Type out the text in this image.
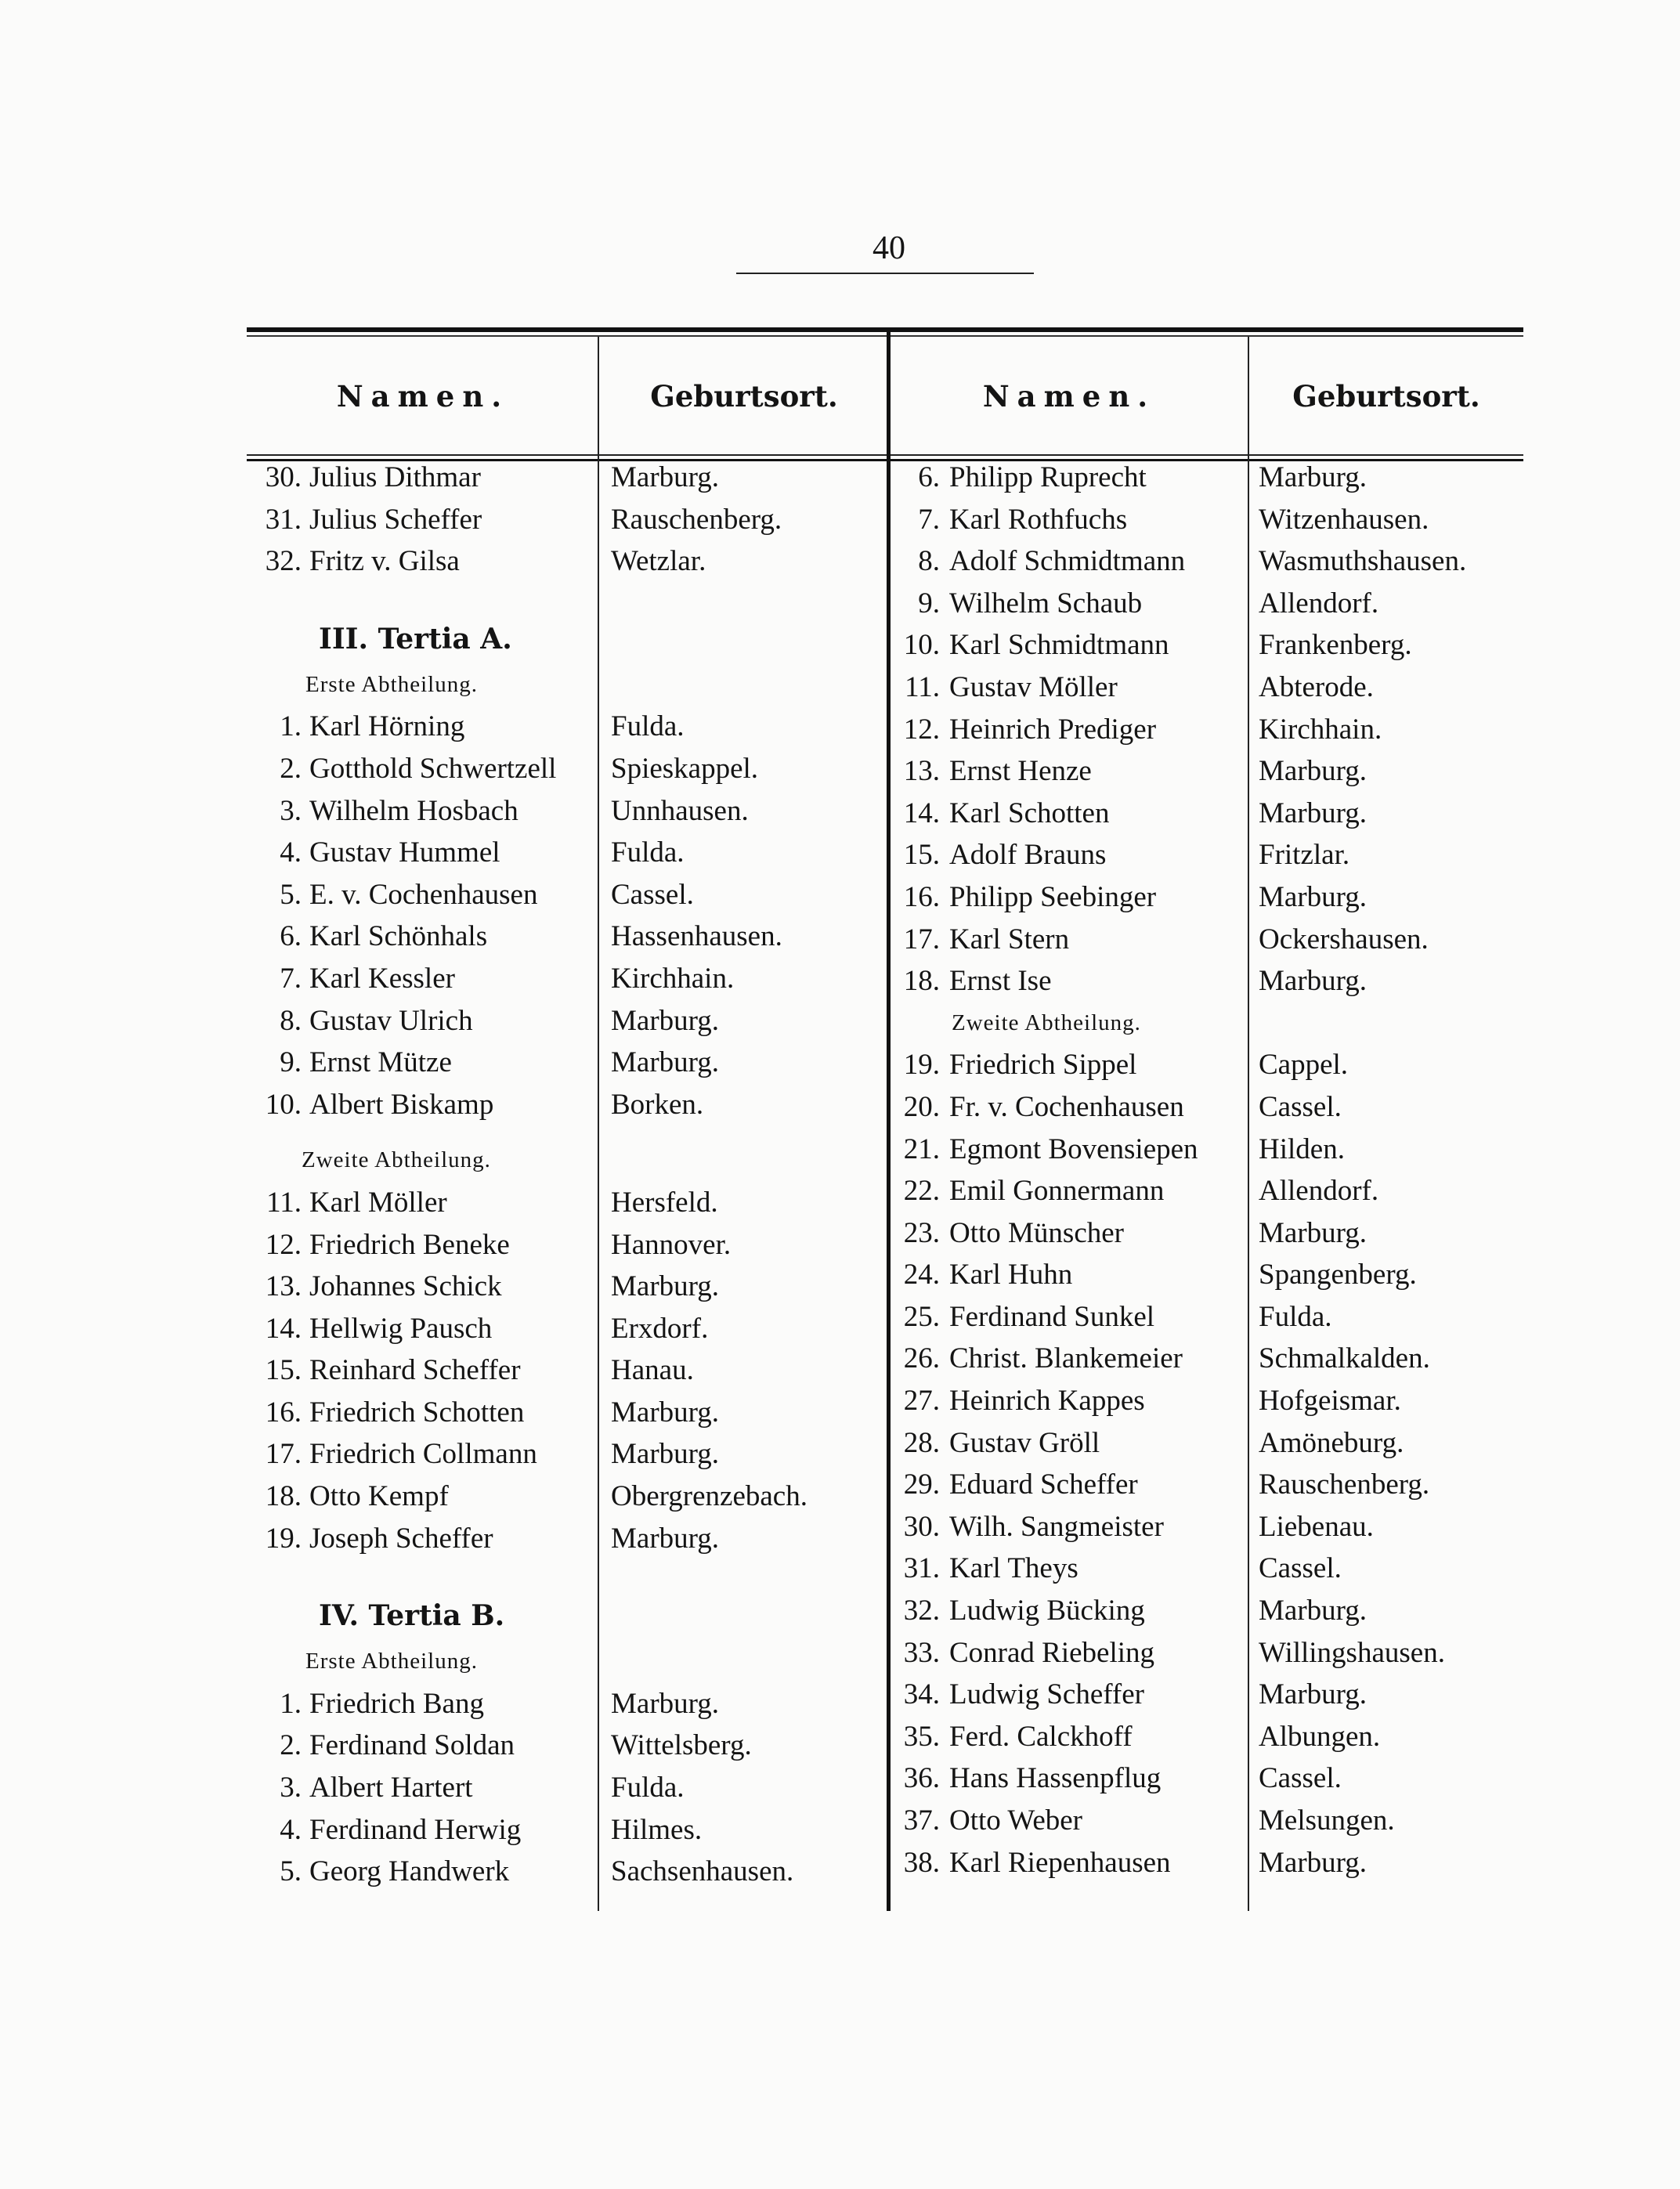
40
Namen.	Geburtsort.	Namen.	Geburtsort.
30. Julius Dithmar	Marburg.
31. Julius Scheffer	Rauschenberg.
32. Fritz v. Gilsa	Wetzlar.
III. Tertia A.
Erste Abtheilung.
1. Karl Hörning	Fulda.
2. Gotthold Schwertzell Spieskappel.
3. Wilhelm Hosbach	Unnhausen.
4. Gustav Hummel	Fulda.
5. E. v. Cochenhausen	Cassel.
6. Karl Schönhals	Hassenhausen.
7. Karl Kessler	Kirchhain.
8. Gustav Ulrich	Marburg.
9. Ernst Mütze	Marburg.
10. Albert Biskamp	Borken.
Zweite Abtheilung.
11. Karl Möller	Hersfeld.
12. Friedrich Beneke	Hannover.
13. Johannes Schick	Marburg.
14. Hellwig Pausch	Erxdorf.
15. Reinhard Scheffer	Hanau.
16. Friedrich Schotten	Marburg.
17. Friedrich Collmann	Marburg.
18. Otto Kempf	Obergrenzebach.
19. Joseph Scheffer	Marburg.
IV. Tertia B.
Erste Abtheilung.
1. Friedrich Bang	Marburg.
2. Ferdinand Soldan	Wittelsberg.
3. Albert Hartert	Fulda.
4. Ferdinand Herwig	Hilmes.
5. Georg Handwerk	Sachsenhausen.
6. Philipp Ruprecht	Marburg.
7. Karl Rothfuchs	Witzenhausen.
8. Adolf Schmidtmann	Wasmuthshausen.
9. Wilhelm Schaub	Allendorf.
10. Karl Schmidtmann	Frankenberg.
11. Gustav Möller	Abterode.
12. Heinrich Prediger	Kirchhain.
13. Ernst Henze	Marburg.
14. Karl Schotten	Marburg.
15. Adolf Brauns	Fritzlar.
16. Philipp Seebinger	Marburg.
17. Karl Stern	Ockershausen.
18. Ernst Ise	Marburg.
Zweite Abtheilung.
19. Friedrich Sippel	Cappel.
20. Fr. v. Cochenhausen	Cassel.
21. Egmont Bovensiepen Hilden.
22. Emil Gonnermann	Allendorf.
23. Otto Münscher	Marburg.
24. Karl Huhn	Spangenberg.
25. Ferdinand Sunkel	Fulda.
26. Christ. Blankemeier	Schmalkalden.
27. Heinrich Kappes	Hofgeismar.
28. Gustav Gröll	Amöneburg.
29. Eduard Scheffer	Rauschenberg.
30. Wilh. Sangmeister	Liebenau.
31. Karl Theys	Cassel.
32. Ludwig Bücking	Marburg.
33. Conrad Riebeling	Willingshausen.
34. Ludwig Scheffer	Marburg.
35. Ferd. Calckhoff	Albungen.
36. Hans Hassenpflug	Cassel.
37. Otto Weber	Melsungen.
38. Karl Riepenhausen	Marburg.
